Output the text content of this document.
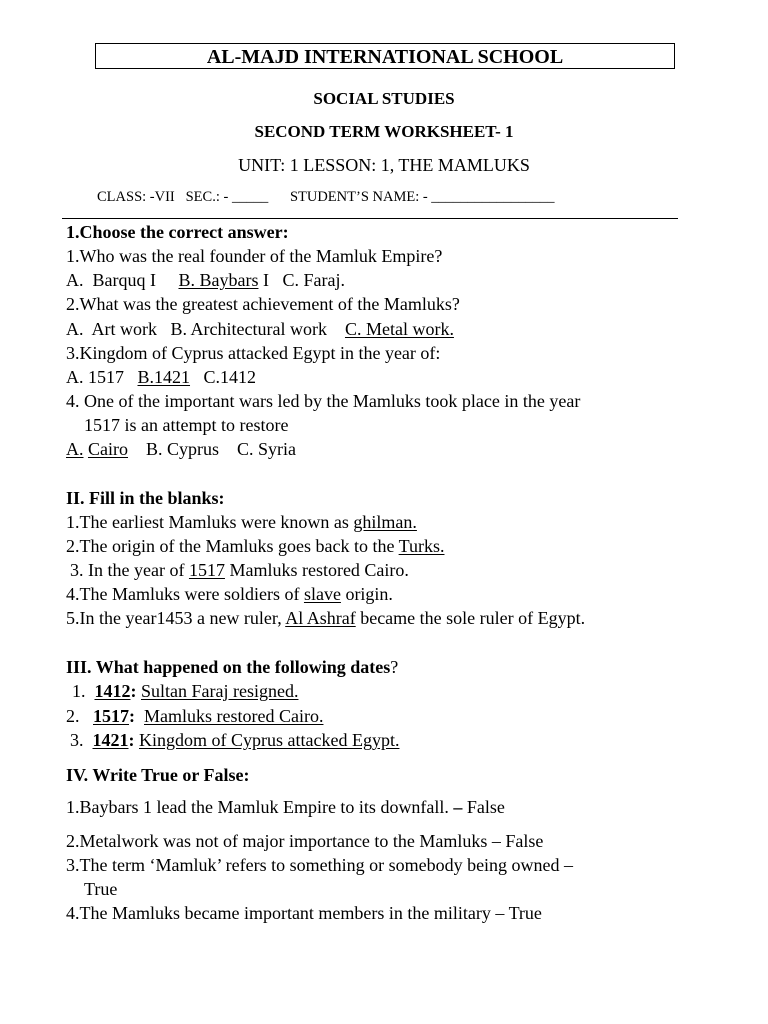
AL-MAJD INTERNATIONAL SCHOOL
SOCIAL STUDIES
SECOND TERM WORKSHEET- 1
UNIT: 1 LESSON: 1, THE MAMLUKS
CLASS: -VII   SEC.: - _____      STUDENT’S NAME: - _________________
1.Choose the correct answer:
1.Who was the real founder of the Mamluk Empire?
A.  Barquq I B. Baybars I C. Faraj.
2.What was the greatest achievement of the Mamluks?
A.  Art work B. Architectural work C. Metal work.
3.Kingdom of Cyprus attacked Egypt in the year of:
A. 1517 B.1421 C.1412
4. One of the important wars led by the Mamluks took place in the year
1517 is an attempt to restore
A. Cairo B. Cyprus C. Syria
II. Fill in the blanks:
1.The earliest Mamluks were known as ghilman.
2.The origin of the Mamluks goes back to the Turks.
3. In the year of 1517 Mamluks restored Cairo.
4.The Mamluks were soldiers of slave origin.
5.In the year1453 a new ruler, Al Ashraf became the sole ruler of Egypt.
III. What happened on the following dates?
1. 1412: Sultan Faraj resigned.
2. 1517: Mamluks restored Cairo.
3. 1421: Kingdom of Cyprus attacked Egypt.
IV. Write True or False:
1.Baybars 1 lead the Mamluk Empire to its downfall. – False
2.Metalwork was not of major importance to the Mamluks – False
3.The term ‘Mamluk’ refers to something or somebody being owned –
True
4.The Mamluks became important members in the military – True
